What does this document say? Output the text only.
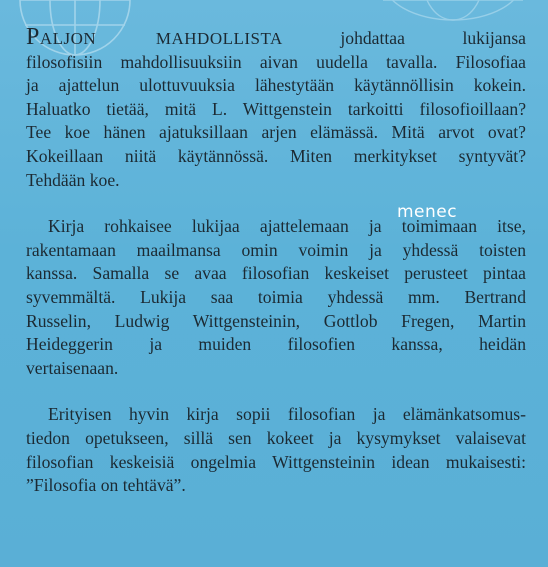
Paljon mahdollista johdattaa lukijansa
filosofisiin mahdollisuuksiin aivan uudella tavalla. Filosofiaa
ja ajattelun ulottuvuuksia lähestytään käytännöllisin kokein.
Haluatko tietää, mitä L. Wittgenstein tarkoitti filosofioillaan?
Tee koe hänen ajatuksillaan arjen elämässä. Mitä arvot ovat?
Kokeillaan niitä käytännössä. Miten merkitykset syntyvät?
Tehdään koe.
Kirja rohkaisee lukijaa ajattelemaan ja toimimaan itse,
rakentamaan maailmansa omin voimin ja yhdessä toisten
kanssa. Samalla se avaa filosofian keskeiset perusteet pintaa
syvemmältä. Lukija saa toimia yhdessä mm. Bertrand
Russelin, Ludwig Wittgensteinin, Gottlob Fregen, Martin
Heideggerin ja muiden filosofien kanssa, heidän
vertaisenaan.
Erityisen hyvin kirja sopii filosofian ja elämänkatsomus-
tiedon opetukseen, sillä sen kokeet ja kysymykset valaisevat
filosofian keskeisiä ongelmia Wittgensteinin idean mukaisesti:
”Filosofia on tehtävä”.
menec
